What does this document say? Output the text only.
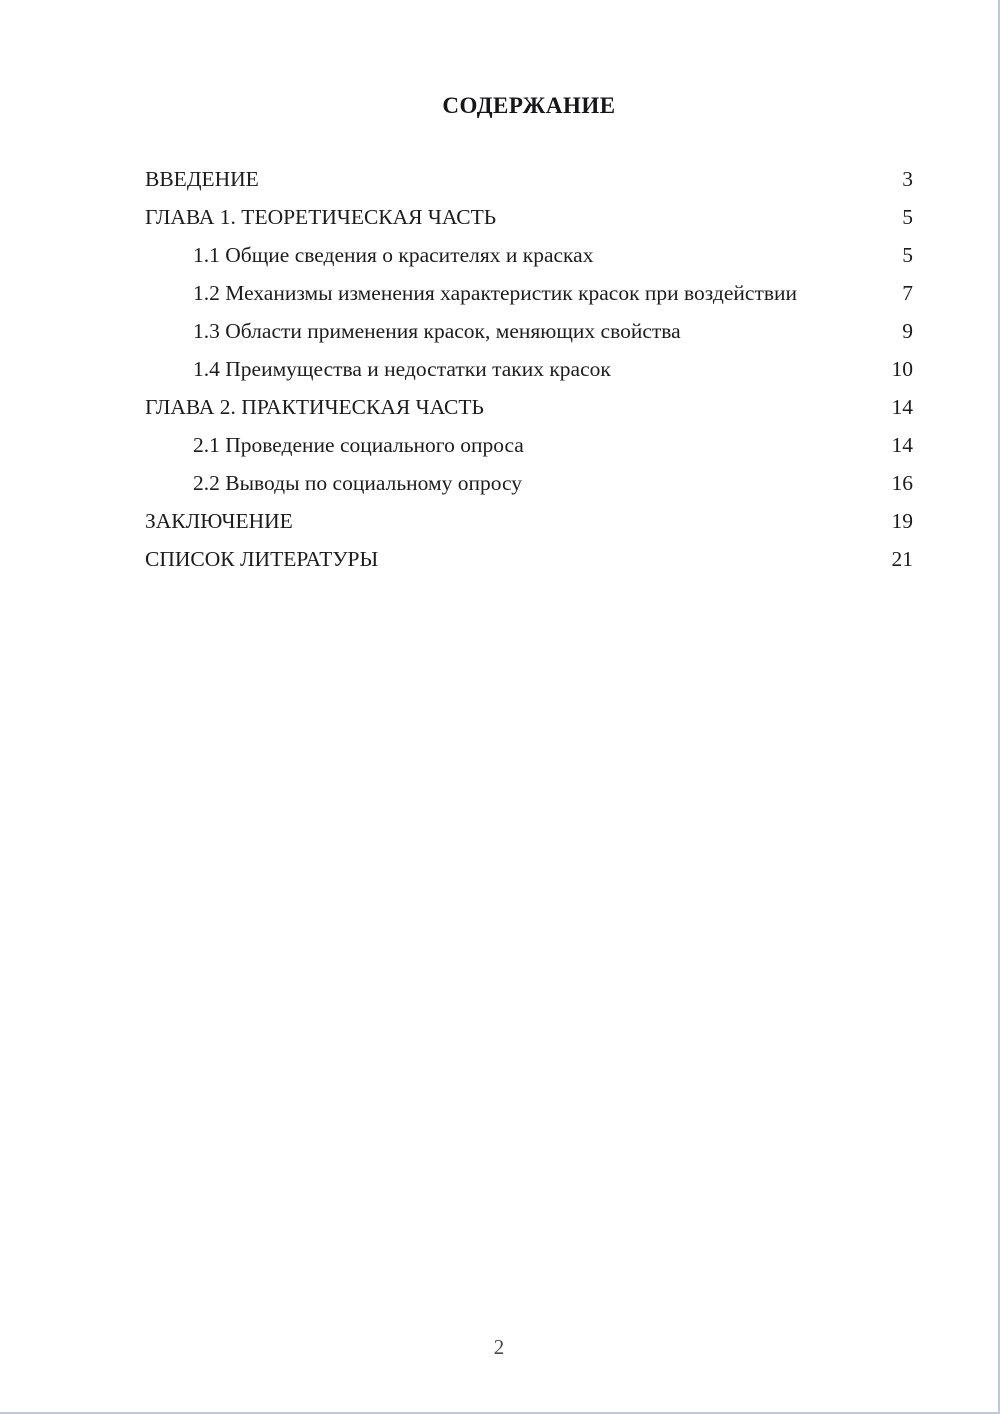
СОДЕРЖАНИЕ
ВВЕДЕНИЕ	3
ГЛАВА 1. ТЕОРЕТИЧЕСКАЯ ЧАСТЬ	5
1.1 Общие сведения о красителях и красках	5
1.2 Механизмы изменения характеристик красок при воздействии	7
1.3 Области применения красок, меняющих свойства	9
1.4 Преимущества и недостатки таких красок	10
ГЛАВА 2. ПРАКТИЧЕСКАЯ ЧАСТЬ	14
2.1 Проведение социального опроса	14
2.2 Выводы по социальному опросу	16
ЗАКЛЮЧЕНИЕ	19
СПИСОК ЛИТЕРАТУРЫ	21
2
